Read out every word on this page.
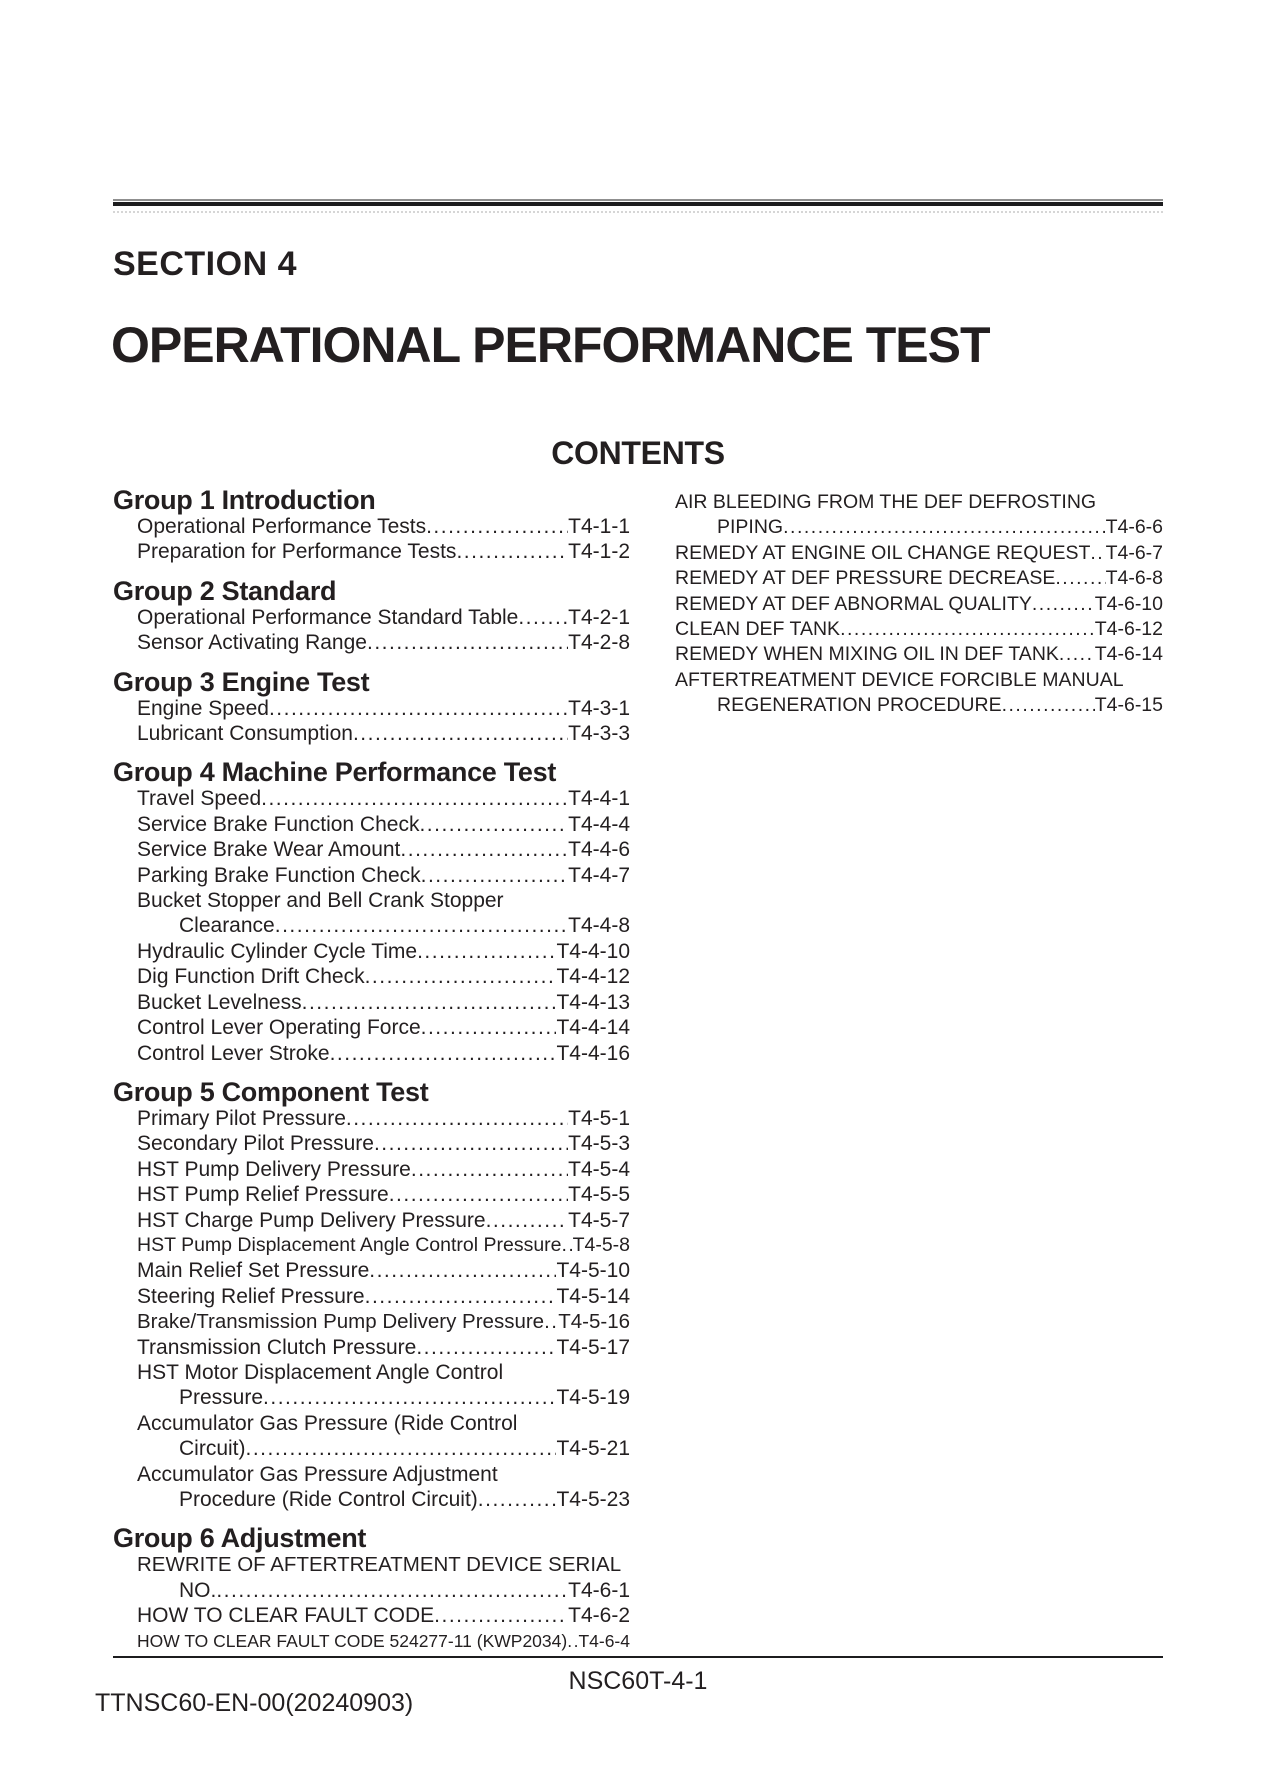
SECTION 4
OPERATIONAL PERFORMANCE TEST
CONTENTS
Group 1 Introduction
Operational Performance Tests .....	T4-1-1
Preparation for Performance Tests .....	T4-1-2
Group 2 Standard
Operational Performance Standard Table ..... T4-2-1
Sensor Activating Range .....	T4-2-8
Group 3 Engine Test
Engine Speed .....	T4-3-1
Lubricant Consumption .....	T4-3-3
Group 4 Machine Performance Test
Travel Speed .....	T4-4-1
Service Brake Function Check .....	T4-4-4
Service Brake Wear Amount .....	T4-4-6
Parking Brake Function Check .....	T4-4-7
Bucket Stopper and Bell Crank Stopper
Clearance .....	T4-4-8
Hydraulic Cylinder Cycle Time .....	T4-4-10
Dig Function Drift Check .....	T4-4-12
Bucket Levelness .....	T4-4-13
Control Lever Operating Force .....	T4-4-14
Control Lever Stroke .....	T4-4-16
Group 5 Component Test
Primary Pilot Pressure .....	T4-5-1
Secondary Pilot Pressure .....	T4-5-3
HST Pump Delivery Pressure .....	T4-5-4
HST Pump Relief Pressure .....	T4-5-5
HST Charge Pump Delivery Pressure .....	T4-5-7
HST Pump Displacement Angle Control Pressure ..... T4-5-8
Main Relief Set Pressure .....	T4-5-10
Steering Relief Pressure .....	T4-5-14
Brake/Transmission Pump Delivery Pressure ..... T4-5-16
Transmission Clutch Pressure .....	T4-5-17
HST Motor Displacement Angle Control
Pressure .....	T4-5-19
Accumulator Gas Pressure (Ride Control
Circuit) .....	T4-5-21
Accumulator Gas Pressure Adjustment
Procedure (Ride Control Circuit) .....	T4-5-23
Group 6 Adjustment
REWRITE OF AFTERTREATMENT DEVICE SERIAL
NO. .....	T4-6-1
HOW TO CLEAR FAULT CODE .....	T4-6-2
HOW TO CLEAR FAULT CODE 524277-11 (KWP2034) ..... T4-6-4
AIR BLEEDING FROM THE DEF DEFROSTING
PIPING .....	T4-6-6
REMEDY AT ENGINE OIL CHANGE REQUEST ..... T4-6-7
REMEDY AT DEF PRESSURE DECREASE .....	T4-6-8
REMEDY AT DEF ABNORMAL QUALITY .....	T4-6-10
CLEAN DEF TANK .....	T4-6-12
REMEDY WHEN MIXING OIL IN DEF TANK ..... T4-6-14
AFTERTREATMENT DEVICE FORCIBLE MANUAL
REGENERATION PROCEDURE .....	T4-6-15
NSC60T-4-1
TTNSC60-EN-00(20240903)
